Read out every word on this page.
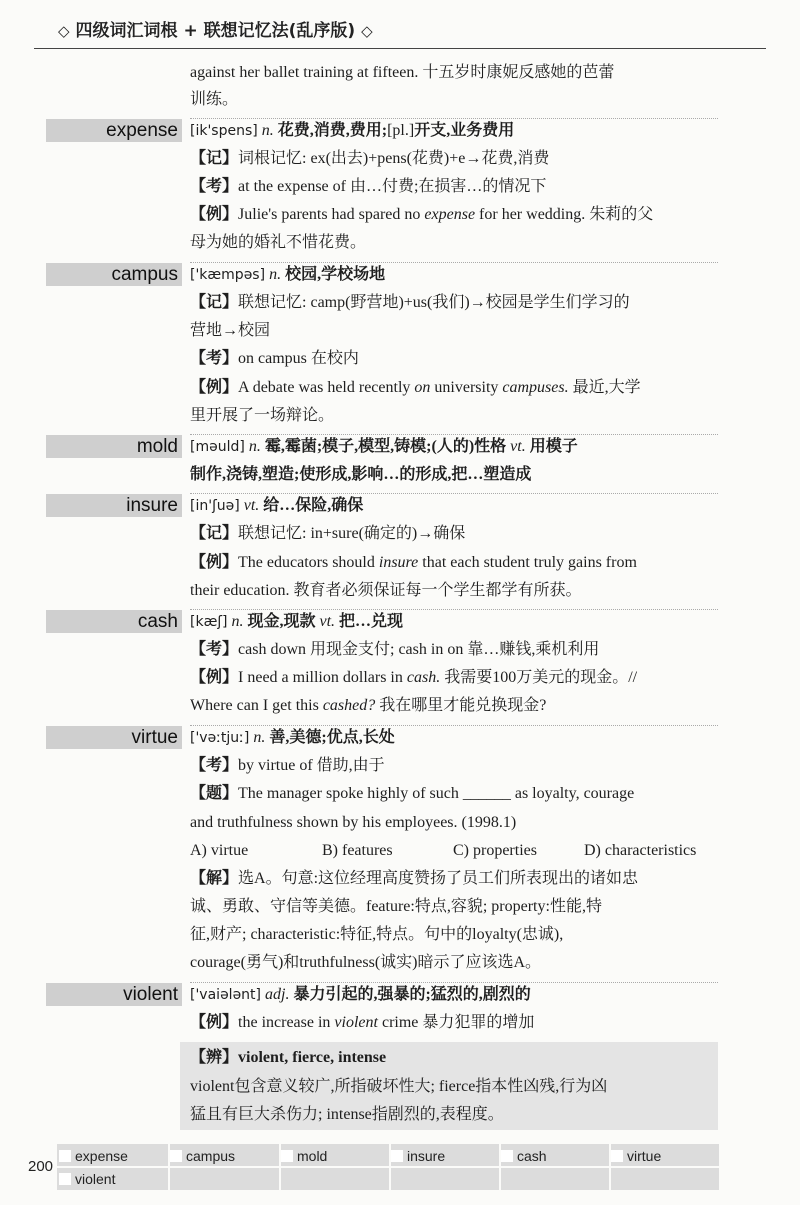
◇ 四级词汇词根 + 联想记忆法(乱序版) ◇
against her ballet training at fifteen. 十五岁时康妮反感她的芭蕾
训练。
expense [ik'spens] n. 花费,消费,费用;[pl.]开支,业务费用
【记】词根记忆: ex(出去)+pens(花费)+e→花费,消费
【考】at the expense of 由…付费;在损害…的情况下
【例】Julie's parents had spared no expense for her wedding. 朱莉的父
母为她的婚礼不惜花费。
campus ['kæmpəs] n. 校园,学校场地
【记】联想记忆: camp(野营地)+us(我们)→校园是学生们学习的
营地→校园
【考】on campus 在校内
【例】A debate was held recently on university campuses. 最近,大学
里开展了一场辩论。
mold [məuld] n. 霉,霉菌;模子,模型,铸模;(人的)性格 vt. 用模子
制作,浇铸,塑造;使形成,影响…的形成,把…塑造成
insure [in'ʃuə] vt. 给…保险,确保
【记】联想记忆: in+sure(确定的)→确保
【例】The educators should insure that each student truly gains from
their education. 教育者必须保证每一个学生都学有所获。
cash [kæʃ] n. 现金,现款 vt. 把…兑现
【考】cash down 用现金支付; cash in on 靠…赚钱,乘机利用
【例】I need a million dollars in cash. 我需要100万美元的现金。//
Where can I get this cashed? 我在哪里才能兑换现金?
virtue ['vəːtjuː] n. 善,美德;优点,长处
【考】by virtue of 借助,由于
【题】The manager spoke highly of such ______ as loyalty, courage
and truthfulness shown by his employees. (1998.1)
A) virtue	B) features	C) properties	D) characteristics
【解】选A。句意:这位经理高度赞扬了员工们所表现出的诸如忠
诚、勇敢、守信等美德。feature:特点,容貌; property:性能,特
征,财产; characteristic:特征,特点。句中的loyalty(忠诚),
courage(勇气)和truthfulness(诚实)暗示了应该选A。
violent ['vaiələnt] adj. 暴力引起的,强暴的;猛烈的,剧烈的
【例】the increase in violent crime 暴力犯罪的增加
【辨】violent, fierce, intense
violent包含意义较广,所指破坏性大; fierce指本性凶残,行为凶
猛且有巨大杀伤力; intense指剧烈的,表程度。
200
expense	campus	mold	insure	cash	virtue
violent
